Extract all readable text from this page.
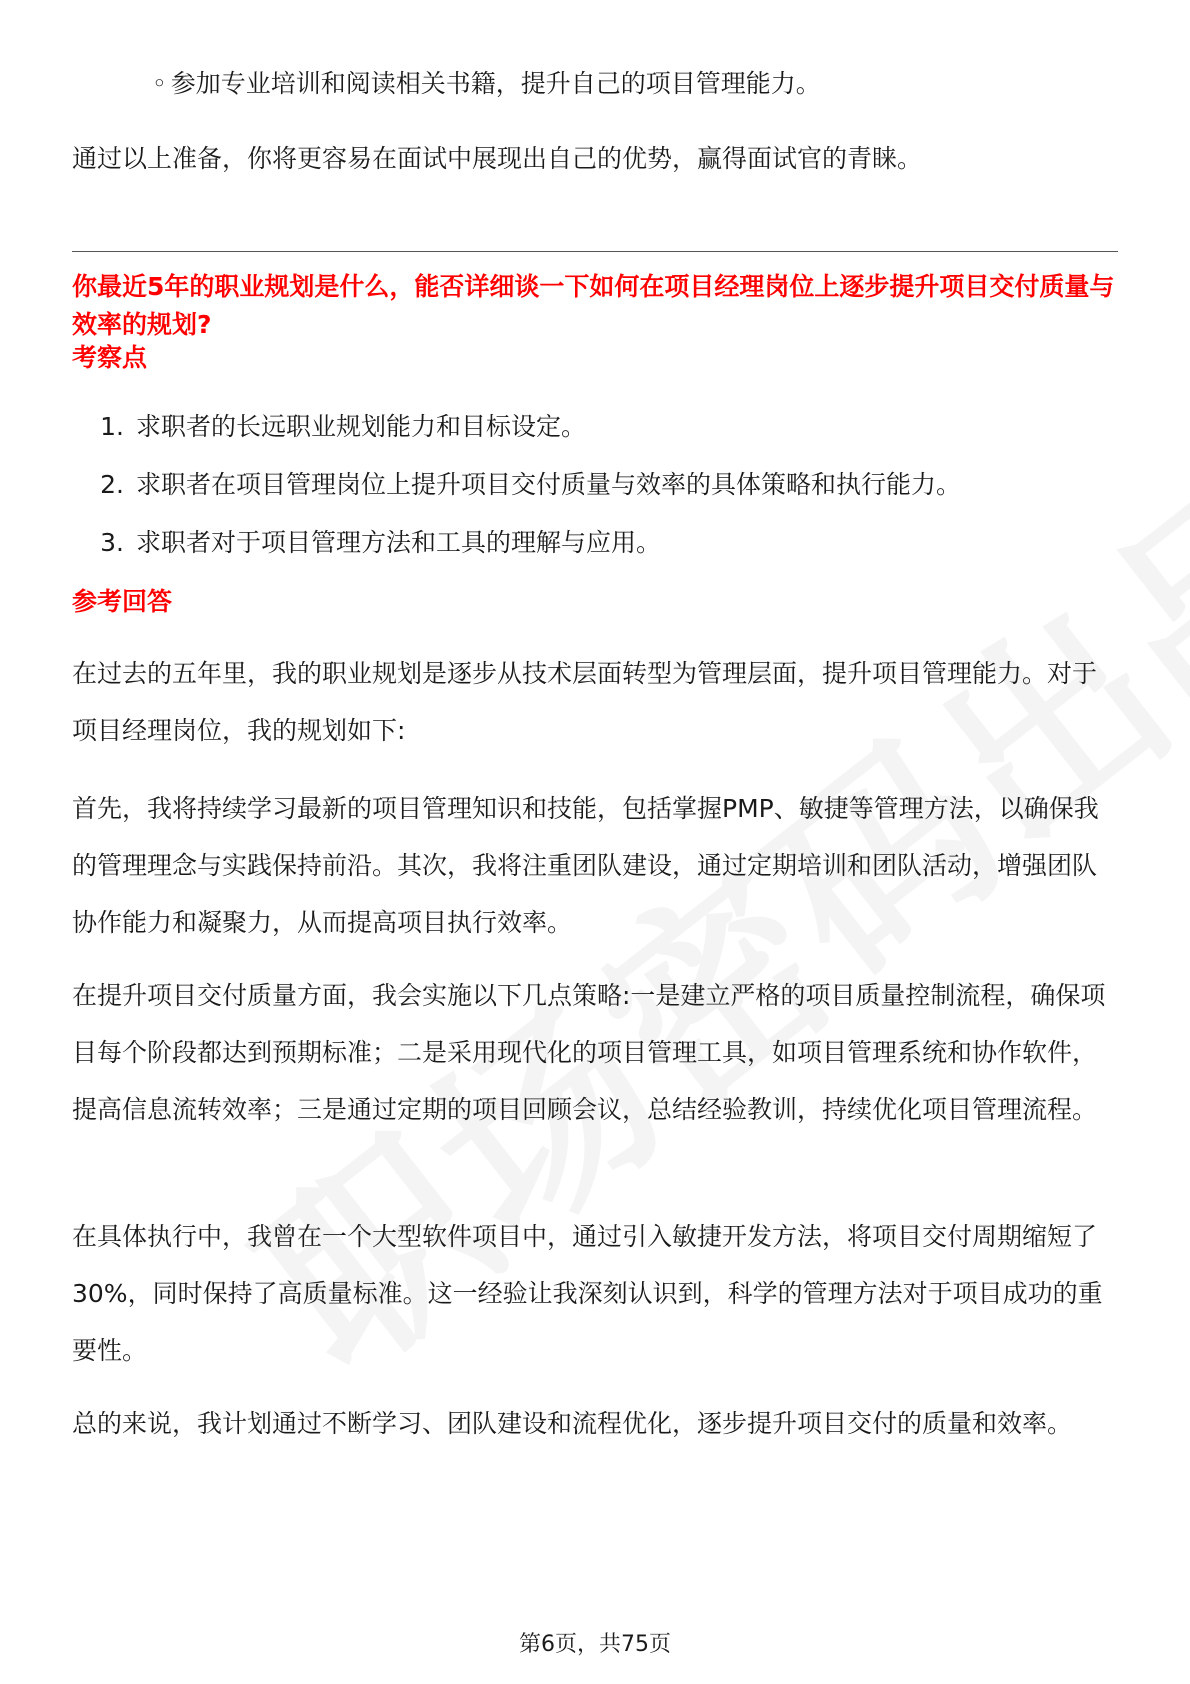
◦ 参加专业培训和阅读相关书籍，提升自己的项目管理能力。

通过以上准备，你将更容易在面试中展现出自己的优势，赢得面试官的青睐。

你最近5年的职业规划是什么，能否详细谈一下如何在项目经理岗位上逐步提升项目交付质量与效率的规划?

考察点

1. 求职者的长远职业规划能力和目标设定。
2. 求职者在项目管理岗位上提升项目交付质量与效率的具体策略和执行能力。
3. 求职者对于项目管理方法和工具的理解与应用。

参考回答

在过去的五年里，我的职业规划是逐步从技术层面转型为管理层面，提升项目管理能力。对于项目经理岗位，我的规划如下:

首先，我将持续学习最新的项目管理知识和技能，包括掌握PMP、敏捷等管理方法，以确保我的管理理念与实践保持前沿。其次，我将注重团队建设，通过定期培训和团队活动，增强团队协作能力和凝聚力，从而提高项目执行效率。

在提升项目交付质量方面，我会实施以下几点策略:一是建立严格的项目质量控制流程，确保项目每个阶段都达到预期标准；二是采用现代化的项目管理工具，如项目管理系统和协作软件，提高信息流转效率；三是通过定期的项目回顾会议，总结经验教训，持续优化项目管理流程。

在具体执行中，我曾在一个大型软件项目中，通过引入敏捷开发方法，将项目交付周期缩短了30%，同时保持了高质量标准。这一经验让我深刻认识到，科学的管理方法对于项目成功的重要性。

总的来说，我计划通过不断学习、团队建设和流程优化，逐步提升项目交付的质量和效率。

第6页，共75页
